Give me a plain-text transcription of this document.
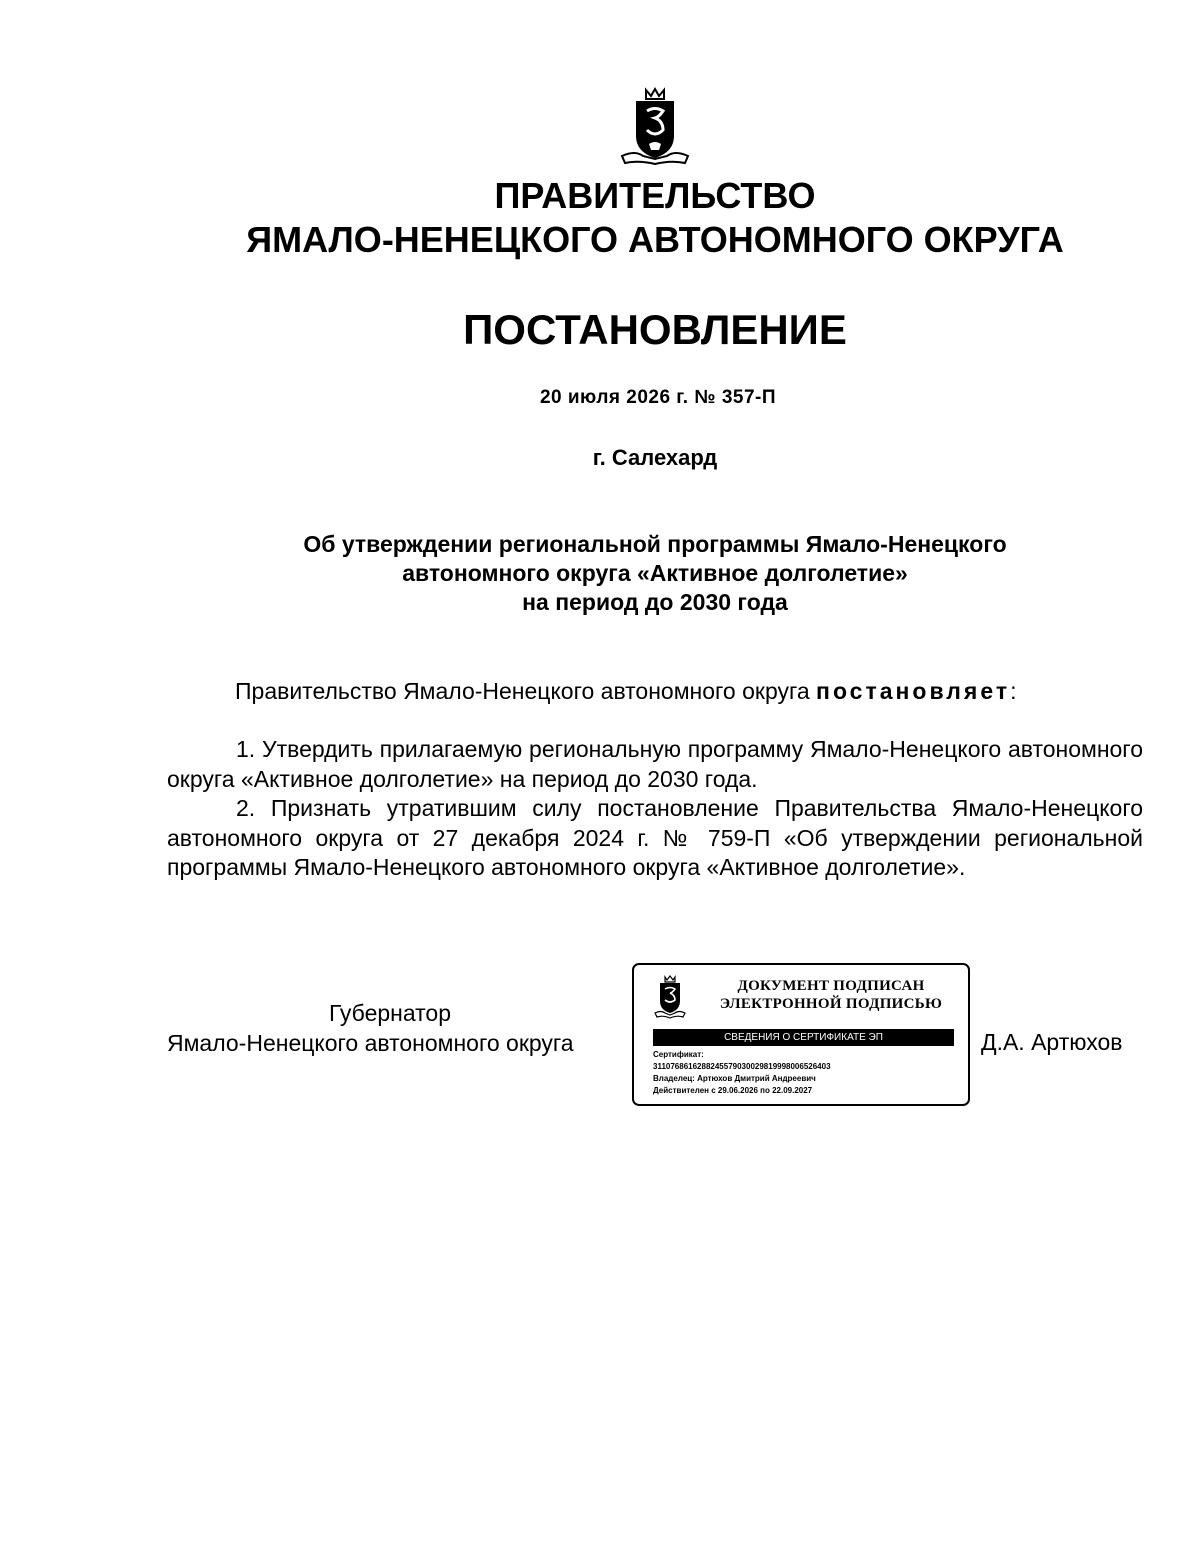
ПРАВИТЕЛЬСТВО
ЯМАЛО-НЕНЕЦКОГО АВТОНОМНОГО ОКРУГА
ПОСТАНОВЛЕНИЕ
20 июля 2026 г. № 357-П
г. Салехард
Об утверждении региональной программы Ямало-Ненецкого
автономного округа «Активное долголетие»
на период до 2030 года
Правительство Ямало-Ненецкого автономного округа постановляет:

1. Утвердить прилагаемую региональную программу Ямало-Ненецкого автономного округа «Активное долголетие» на период до 2030 года.

2. Признать утратившим силу постановление Правительства Ямало-Ненецкого автономного округа от 27 декабря 2024 г. № 759-П «Об утверждении региональной программы Ямало-Ненецкого автономного округа «Активное долголетие».

Губернатор
Ямало-Ненецкого автономного округа
ДОКУМЕНТ ПОДПИСАН
ЭЛЕКТРОННОЙ ПОДПИСЬЮ
СВЕДЕНИЯ О СЕРТИФИКАТЕ ЭП
Сертификат:
3110768616288245579030029819998006526403
Владелец: Артюхов Дмитрий Андреевич
Действителен с 29.06.2026 по 22.09.2027
Д.А. Артюхов
